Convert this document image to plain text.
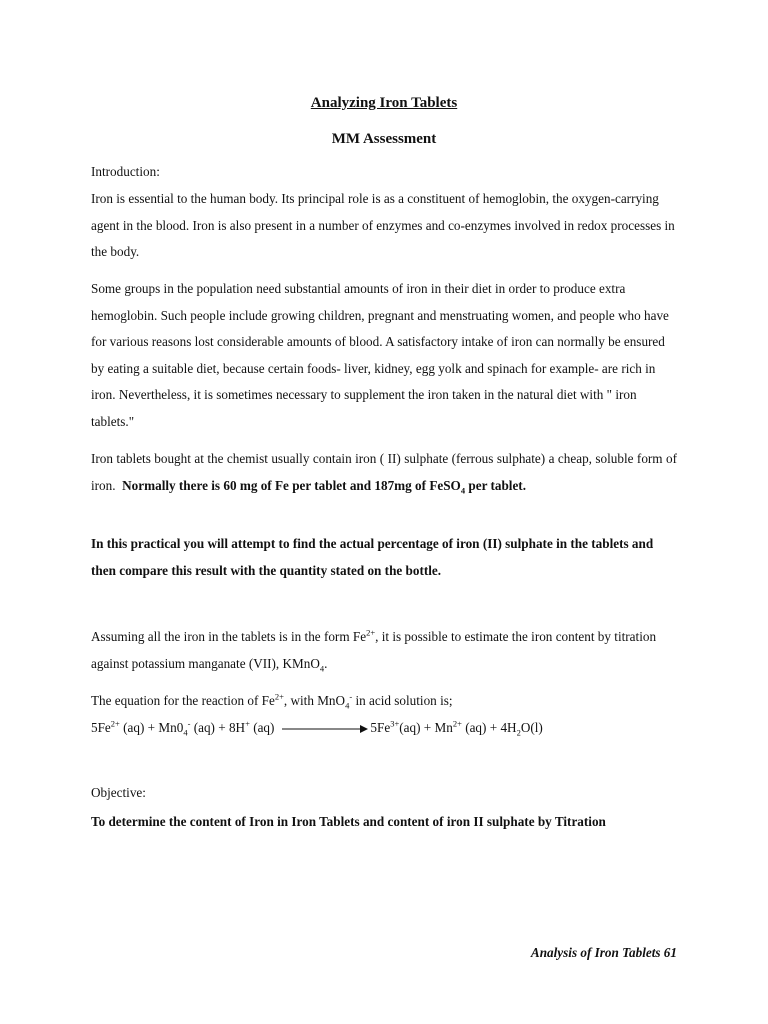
Analyzing Iron Tablets
MM Assessment

Introduction:

Iron is essential to the human body. Its principal role is as a constituent of hemoglobin, the oxygen-carrying agent in the blood. Iron is also present in a number of enzymes and co-enzymes involved in redox processes in the body.

Some groups in the population need substantial amounts of iron in their diet in order to produce extra hemoglobin. Such people include growing children, pregnant and menstruating women, and people who have for various reasons lost considerable amounts of blood. A satisfactory intake of iron can normally be ensured by eating a suitable diet, because certain foods- liver, kidney, egg yolk and spinach for example- are rich in iron. Nevertheless, it is sometimes necessary to supplement the iron taken in the natural diet with " iron tablets."

Iron tablets bought at the chemist usually contain iron ( II) sulphate (ferrous sulphate) a cheap, soluble form of iron. Normally there is 60 mg of Fe per tablet and 187mg of FeSO$_4$ per tablet.

In this practical you will attempt to find the actual percentage of iron (II) sulphate in the tablets and then compare this result with the quantity stated on the bottle.

Assuming all the iron in the tablets is in the form $Fe^{2+}$, it is possible to estimate the iron content by titration against potassium manganate (VII), KMnO$_4$.

The equation for the reaction of $Fe^{2+}$, with MnO$_4$- in acid solution is;

$5Fe^{2+}$ $(aq) + Mn0_4^-$ (aq) + 8H+ (aq)	$5Fe^{3+}(aq) + Mn^{2+}$ $(aq) + 4H_2O(l)$

Objective:

To determine the content of Iron in Iron Tablets and content of iron II sulphate by Titration

Analysis of Iron Tablets 61
